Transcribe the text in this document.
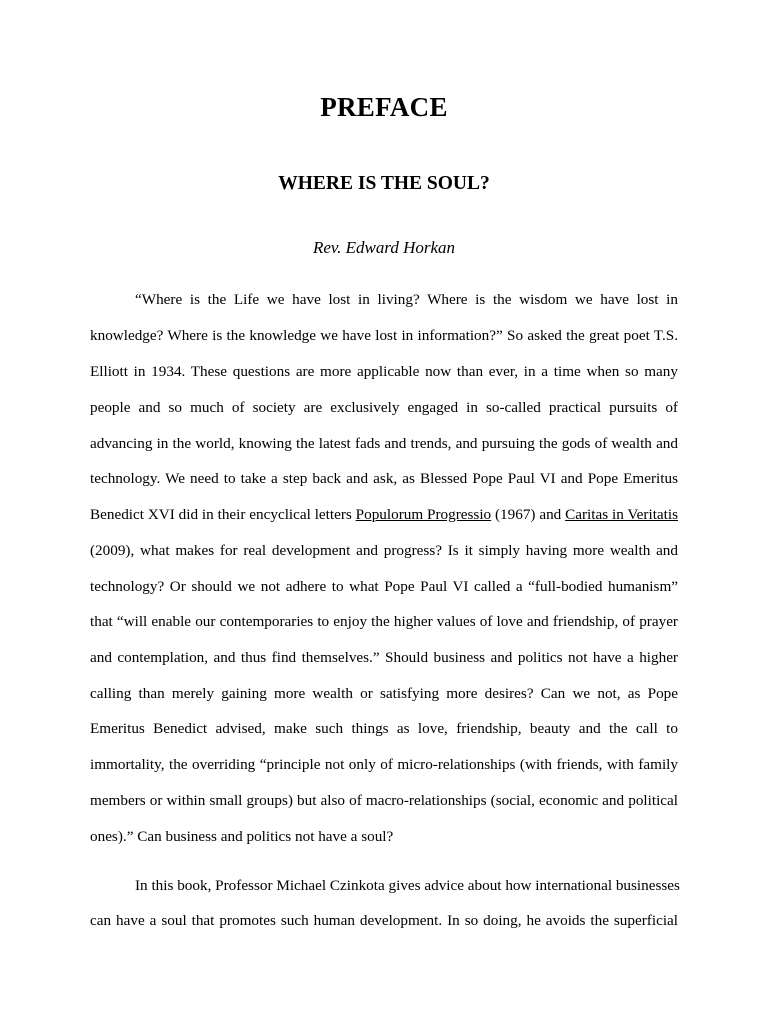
PREFACE
WHERE IS THE SOUL?
Rev. Edward Horkan
“Where is the Life we have lost in living? Where is the wisdom we have lost in
knowledge? Where is the knowledge we have lost in information?” So asked the great poet T.S.
Elliott in 1934. These questions are more applicable now than ever, in a time when so many
people and so much of society are exclusively engaged in so-called practical pursuits of
advancing in the world, knowing the latest fads and trends, and pursuing the gods of wealth and
technology. We need to take a step back and ask, as Blessed Pope Paul VI and Pope Emeritus
Benedict XVI did in their encyclical letters Populorum Progressio (1967) and Caritas in Veritatis
(2009), what makes for real development and progress? Is it simply having more wealth and
technology? Or should we not adhere to what Pope Paul VI called a “full-bodied humanism”
that “will enable our contemporaries to enjoy the higher values of love and friendship, of prayer
and contemplation, and thus find themselves.” Should business and politics not have a higher
calling than merely gaining more wealth or satisfying more desires? Can we not, as Pope
Emeritus Benedict advised, make such things as love, friendship, beauty and the call to
immortality, the overriding “principle not only of micro-relationships (with friends, with family
members or within small groups) but also of macro-relationships (social, economic and political
ones).” Can business and politics not have a soul?
In this book, Professor Michael Czinkota gives advice about how international businesses
can have a soul that promotes such human development. In so doing, he avoids the superficial
